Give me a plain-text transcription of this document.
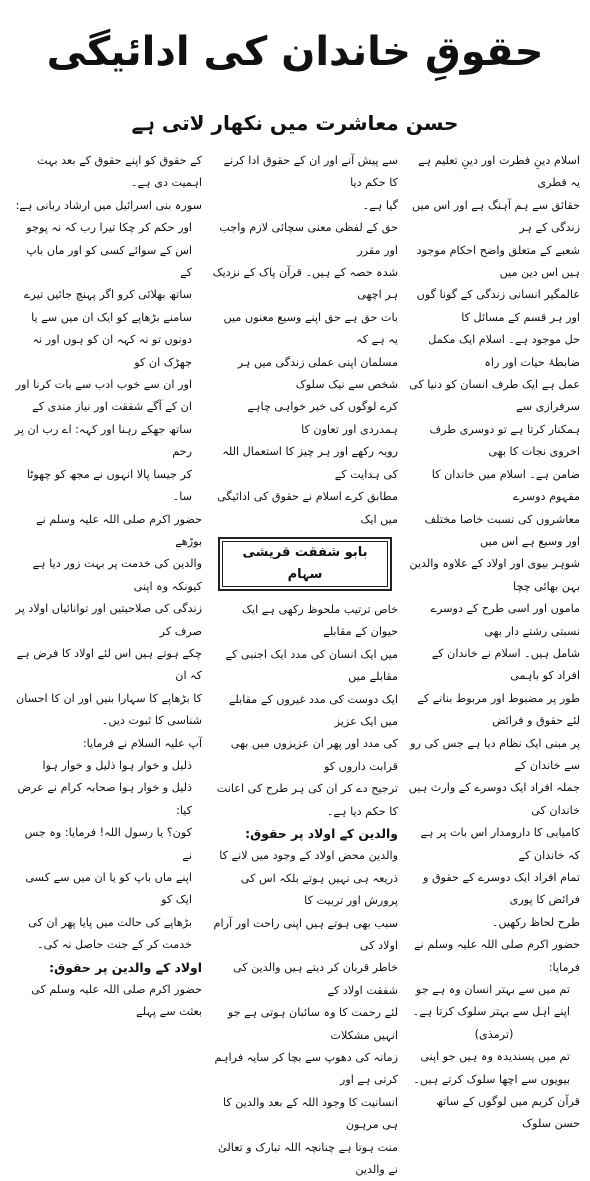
حقوقِ خاندان کی ادائیگی
حسن معاشرت میں نکھار لاتی ہے

اسلام دینِ فطرت اور دینِ تعلیم ہے یہ فطری

حقائق سے ہم آہنگ ہے اور اس میں زندگی کے ہر

شعبے کے متعلق واضح احکام موجود ہیں اس دین میں

عالمگیر انسانی زندگی کے گونا گوں اور ہر قسم کے مسائل کا

حل موجود ہے۔ اسلام ایک مکمل ضابطۂ حیات اور راہ

عمل ہے ایک طرف انسان کو دنیا کی سرفرازی سے

ہمکنار کرتا ہے تو دوسری طرف اخروی نجات کا بھی

ضامن ہے۔ اسلام میں خاندان کا مفہوم دوسرے

معاشروں کی نسبت خاصا مختلف اور وسیع ہے اس میں

شوہر بیوی اور اولاد کے علاوہ والدین بہن بھائی چچا

ماموں اور اسی طرح کے دوسرے نسبتی رشتے دار بھی

شامل ہیں۔ اسلام نے خاندان کے افراد کو باہمی

طور پر مضبوط اور مربوط بنانے کے لئے حقوق و فرائض

پر مبنی ایک نظام دیا ہے جس کی رو سے خاندان کے

جملہ افراد ایک دوسرے کے وارث ہیں خاندان کی

کامیابی کا دارومدار اس بات پر ہے کہ خاندان کے

تمام افراد ایک دوسرے کے حقوق و فرائض کا پوری

طرح لحاظ رکھیں۔

حضور اکرم صلی اللہ علیہ وسلم نے فرمایا:

تم میں سے بہتر انسان وہ ہے جو

اپنے اہل سے بہتر سلوک کرتا ہے۔

(ترمذی)

تم میں پسندیدہ وہ ہیں جو اپنی

بیویوں سے اچھا سلوک کرتے ہیں۔

قرآن کریم میں لوگوں کے ساتھ حسن سلوک

سے پیش آنے اور ان کے حقوق ادا کرنے کا حکم دیا

گیا ہے۔

حق کے لفظی معنی سچائی لازم واجب اور مقرر

شدہ حصہ کے ہیں۔ قرآن پاک کے نزدیک ہر اچھی

بات حق ہے حق اپنے وسیع معنوں میں یہ ہے کہ

مسلمان اپنی عملی زندگی میں ہر شخص سے نیک سلوک

کرے لوگوں کی خیر خواہی چاہے ہمدردی اور تعاون کا

رویہ رکھے اور ہر چیز کا استعمال اللہ کی ہدایت کے

مطابق کرے اسلام نے حقوق کی ادائیگی میں ایک

بابو شفقت قریشی سہام

خاص ترتیب ملحوظ رکھی ہے ایک حیوان کے مقابلے

میں ایک انسان کی مدد ایک اجنبی کے مقابلے میں

ایک دوست کی مدد غیروں کے مقابلے میں ایک عزیز

کی مدد اور پھر ان عزیزوں میں بھی قرابت داروں کو

ترجیح دے کر ان کی ہر طرح کی اعانت کا حکم دیا ہے۔

والدین کے اولاد پر حقوق:

والدین محض اولاد کے وجود میں لانے کا

ذریعہ ہی نہیں ہوتے بلکہ اس کی پرورش اور تربیت کا

سبب بھی ہوتے ہیں اپنی راحت اور آرام اولاد کی

خاطر قربان کر دیتے ہیں والدین کی شفقت اولاد کے

لئے رحمت کا وہ سائبان ہوتی ہے جو انہیں مشکلات

زمانہ کی دھوپ سے بچا کر سایہ فراہم کرتی ہے اور

انسانیت کا وجود اللہ کے بعد والدین کا ہی مرہون

منت ہوتا ہے چنانچہ اللہ تبارک و تعالیٰ نے والدین

کے حقوق کو اپنے حقوق کے بعد بہت اہمیت دی ہے۔

سورہ بنی اسرائیل میں ارشاد ربانی ہے:

اور حکم کر چکا تیرا رب کہ نہ پوجو

اس کے سوائے کسی کو اور ماں باپ کے

ساتھ بھلائی کرو اگر پہنچ جائیں تیرے

سامنے بڑھاپے کو ایک ان میں سے یا

دونوں تو نہ کہہ ان کو ہوں اور نہ جھڑک ان کو

اور ان سے خوب ادب سے بات کرنا اور

ان کے آگے شفقت اور نیاز مندی کے

ساتھ جھکے رہنا اور کہہ: اے رب ان پر رحم

کر جیسا پالا انہوں نے مجھ کو چھوٹا سا۔

حضور اکرم صلی اللہ علیہ وسلم نے بوڑھے

والدین کی خدمت پر بہت زور دیا ہے کیونکہ وہ اپنی

زندگی کی صلاحیتیں اور توانائیاں اولاد پر صرف کر

چکے ہوتے ہیں اس لئے اولاد کا فرض ہے کہ ان

کا بڑھاپے کا سہارا بنیں اور ان کا احسان شناسی کا ثبوت دیں۔

آپ علیہ السلام نے فرمایا:

ذلیل و خوار ہوا ذلیل و خوار ہوا

ذلیل و خوار ہوا صحابہ کرام نے عرض کیا:

کون؟ یا رسول اللہ! فرمایا: وہ جس نے

اپنے ماں باپ کو یا ان میں سے کسی ایک کو

بڑھاپے کی حالت میں پایا پھر ان کی

خدمت کر کے جنت حاصل نہ کی۔

اولاد کے والدین پر حقوق:

حضور اکرم صلی اللہ علیہ وسلم کی بعثت سے پہلے
